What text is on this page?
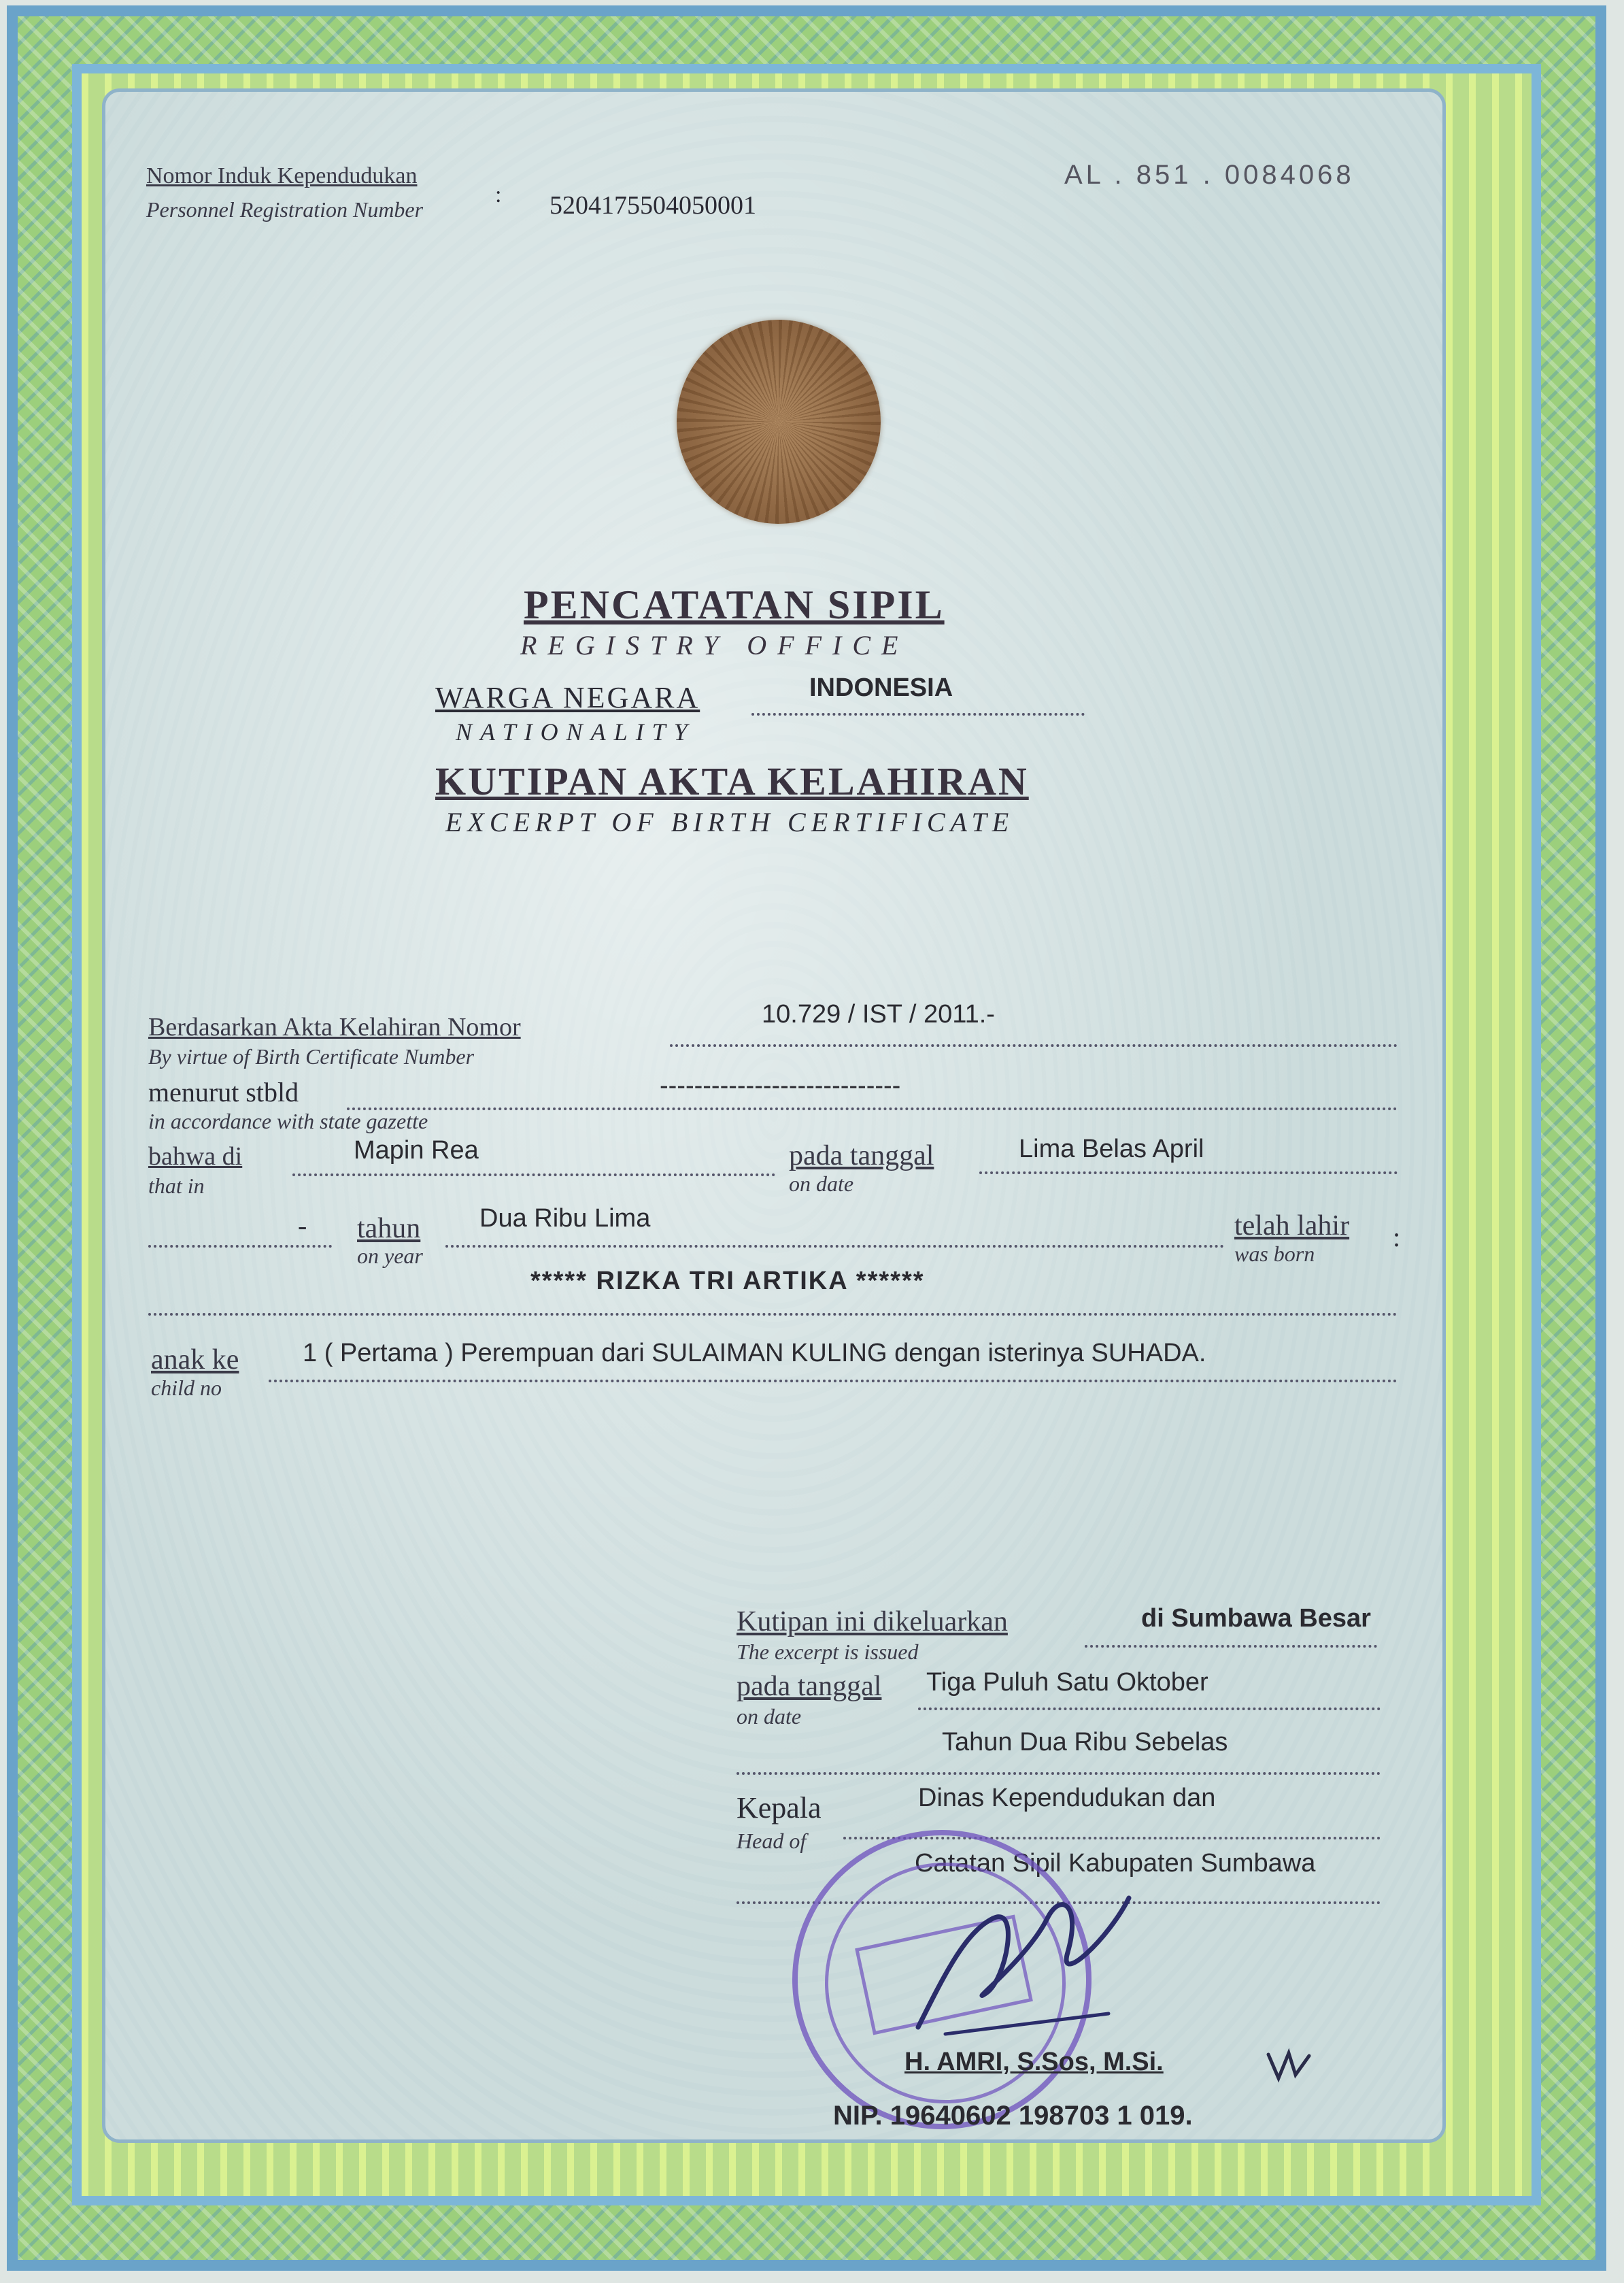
Nomor Induk Kependudukan
Personnel Registration Number
: 5204175504050001
AL . 851 . 0084068
PENCATATAN SIPIL
REGISTRY OFFICE
WARGA NEGARA
NATIONALITY
INDONESIA
KUTIPAN AKTA KELAHIRAN
EXCERPT OF BIRTH CERTIFICATE
Berdasarkan Akta Kelahiran Nomor
By virtue of Birth Certificate Number
10.729 / IST / 2011.-
menurut stbld
in accordance with state gazette
----------------------------
bahwa di
that in
Mapin Rea	pada tanggal
on date
Lima Belas April
- tahun
on year
Dua Ribu Lima	telah lahir
was born
:
***** RIZKA TRI ARTIKA ******
anak ke
child no
1 ( Pertama ) Perempuan dari SULAIMAN KULING dengan isterinya SUHADA.
Kutipan ini dikeluarkan
The excerpt is issued
di Sumbawa Besar
pada tanggal
on date
Tiga Puluh Satu Oktober
Tahun Dua Ribu Sebelas
Kepala
Head of
Dinas Kependudukan dan
Catatan Sipil Kabupaten Sumbawa
H. AMRI, S.Sos, M.Si.
NIP. 19640602 198703 1 019.
